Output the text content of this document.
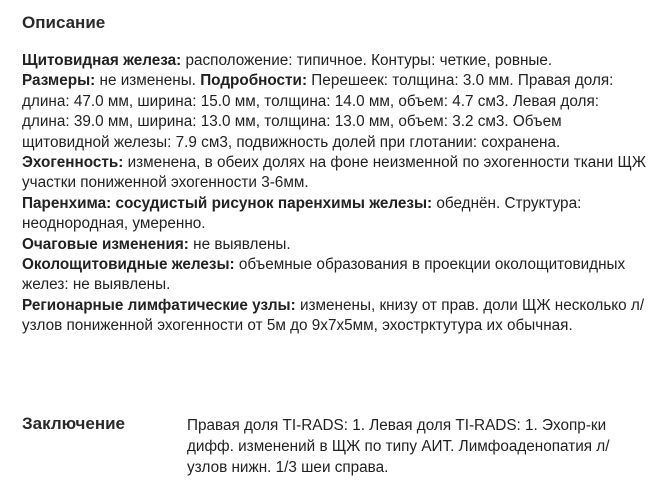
Описание

Щитовидная железа: расположение: типичное. Контуры: четкие, ровные.

Размеры: не изменены. Подробности: Перешеек: толщина: 3.0 мм. Правая доля: длина: 47.0 мм, ширина: 15.0 мм, толщина: 14.0 мм, объем: 4.7 см3. Левая доля: длина: 39.0 мм, ширина: 13.0 мм, толщина: 13.0 мм, объем: 3.2 см3. Объем щитовидной железы: 7.9 см3, подвижность долей при глотании: сохранена.

Эхогенность: изменена, в обеих долях на фоне неизменной по эхогенности ткани ЩЖ участки пониженной эхогенности 3-6мм.

Паренхима: сосудистый рисунок паренхимы железы: обеднён. Структура: неоднородная, умеренно.

Очаговые изменения: не выявлены.

Околощитовидные железы: объемные образования в проекции околощитовидных желез: не выявлены.

Регионарные лимфатические узлы: изменены, книзу от прав. доли ЩЖ несколько л/узлов пониженной эхогенности от 5м до 9х7х5мм, эхострктутура их обычная.

Заключение	Правая доля TI-RADS: 1. Левая доля TI-RADS: 1. Эхопр-ки дифф. изменений в ЩЖ по типу АИТ. Лимфоаденопатия л/узлов нижн. 1/3 шеи справа.
